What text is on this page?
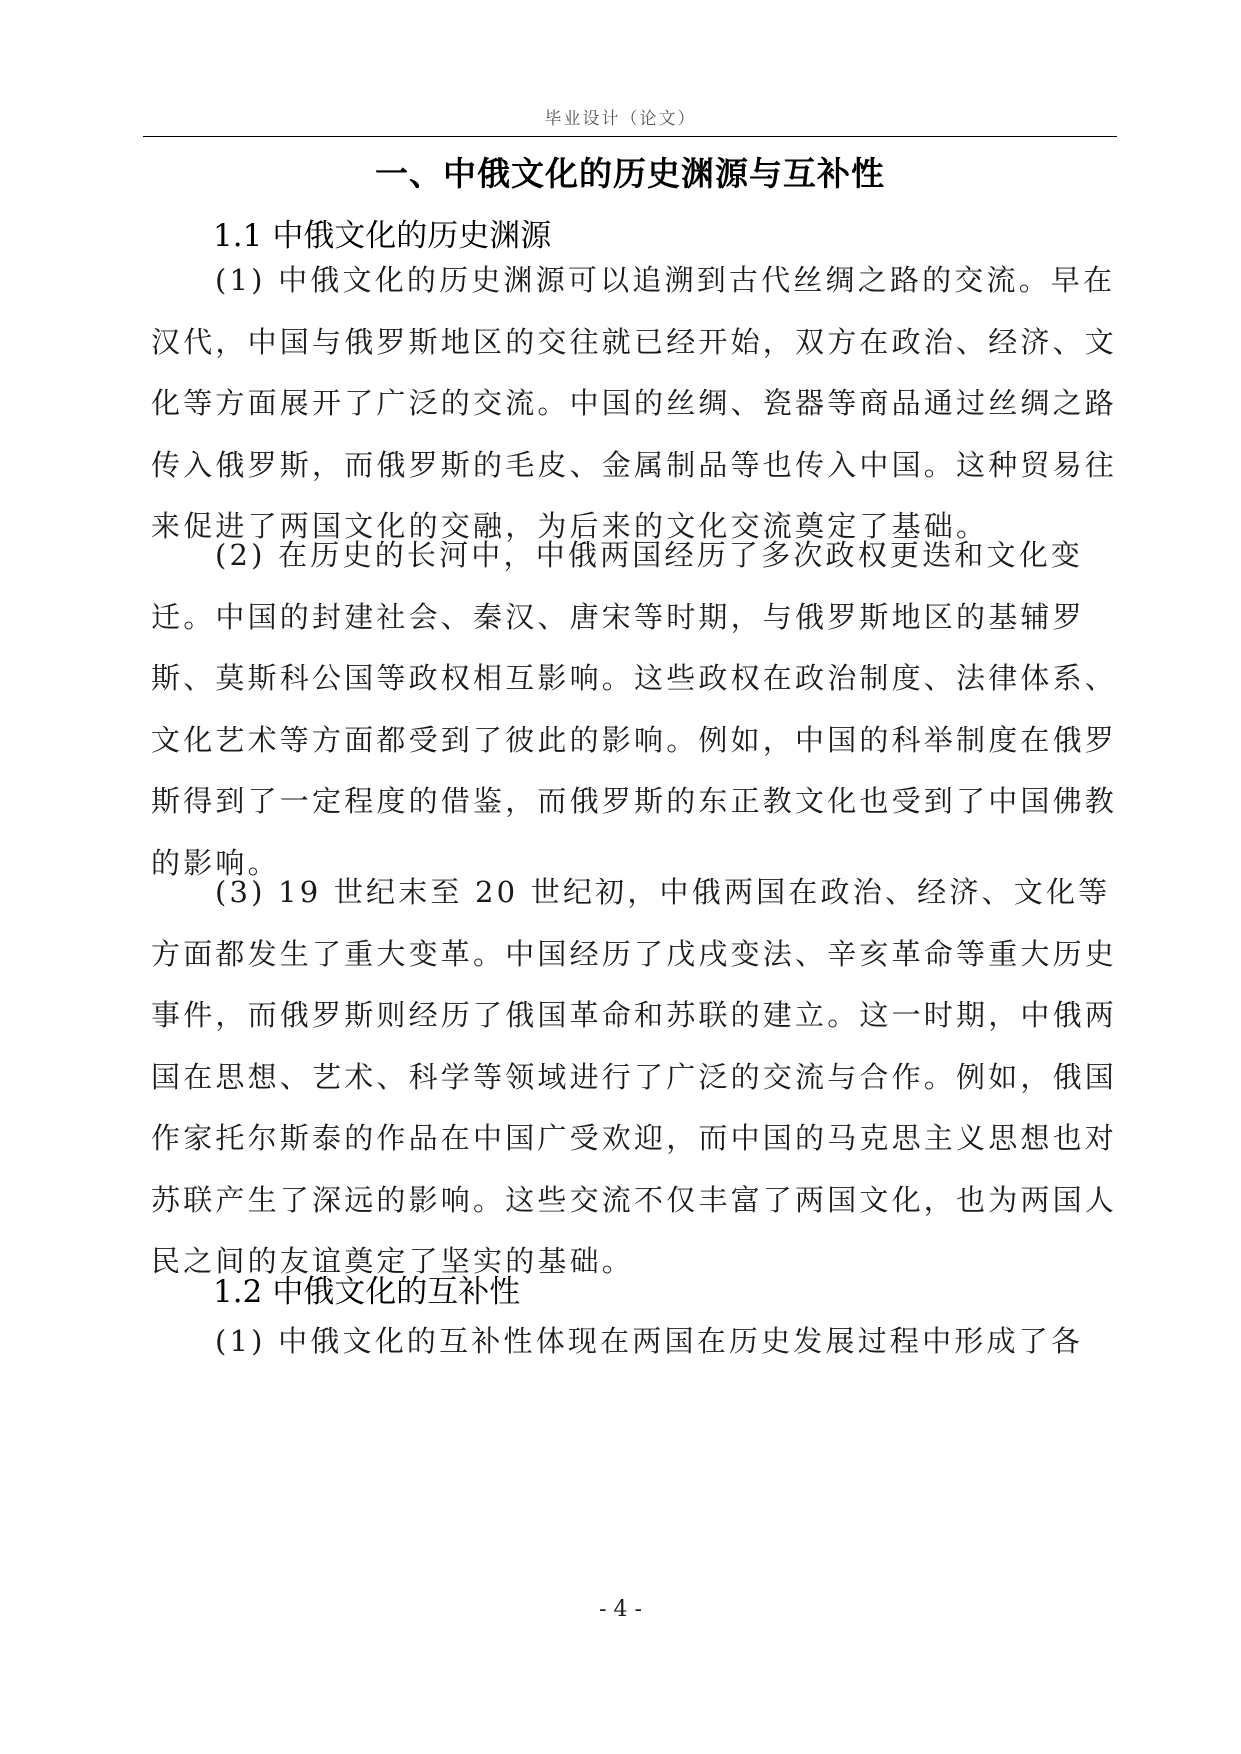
毕业设计（论文）
一、中俄文化的历史渊源与互补性
1.1 中俄文化的历史渊源

(1) 中俄文化的历史渊源可以追溯到古代丝绸之路的交流。早在汉代，中国与俄罗斯地区的交往就已经开始，双方在政治、经济、文化等方面展开了广泛的交流。中国的丝绸、瓷器等商品通过丝绸之路传入俄罗斯，而俄罗斯的毛皮、金属制品等也传入中国。这种贸易往来促进了两国文化的交融，为后来的文化交流奠定了基础。

(2) 在历史的长河中，中俄两国经历了多次政权更迭和文化变迁。中国的封建社会、秦汉、唐宋等时期，与俄罗斯地区的基辅罗斯、莫斯科公国等政权相互影响。这些政权在政治制度、法律体系、文化艺术等方面都受到了彼此的影响。例如，中国的科举制度在俄罗斯得到了一定程度的借鉴，而俄罗斯的东正教文化也受到了中国佛教的影响。

(3) 19 世纪末至 20 世纪初，中俄两国在政治、经济、文化等方面都发生了重大变革。中国经历了戊戌变法、辛亥革命等重大历史事件，而俄罗斯则经历了俄国革命和苏联的建立。这一时期，中俄两国在思想、艺术、科学等领域进行了广泛的交流与合作。例如，俄国作家托尔斯泰的作品在中国广受欢迎，而中国的马克思主义思想也对苏联产生了深远的影响。这些交流不仅丰富了两国文化，也为两国人民之间的友谊奠定了坚实的基础。

1.2 中俄文化的互补性

(1) 中俄文化的互补性体现在两国在历史发展过程中形成了各

- 4 -
